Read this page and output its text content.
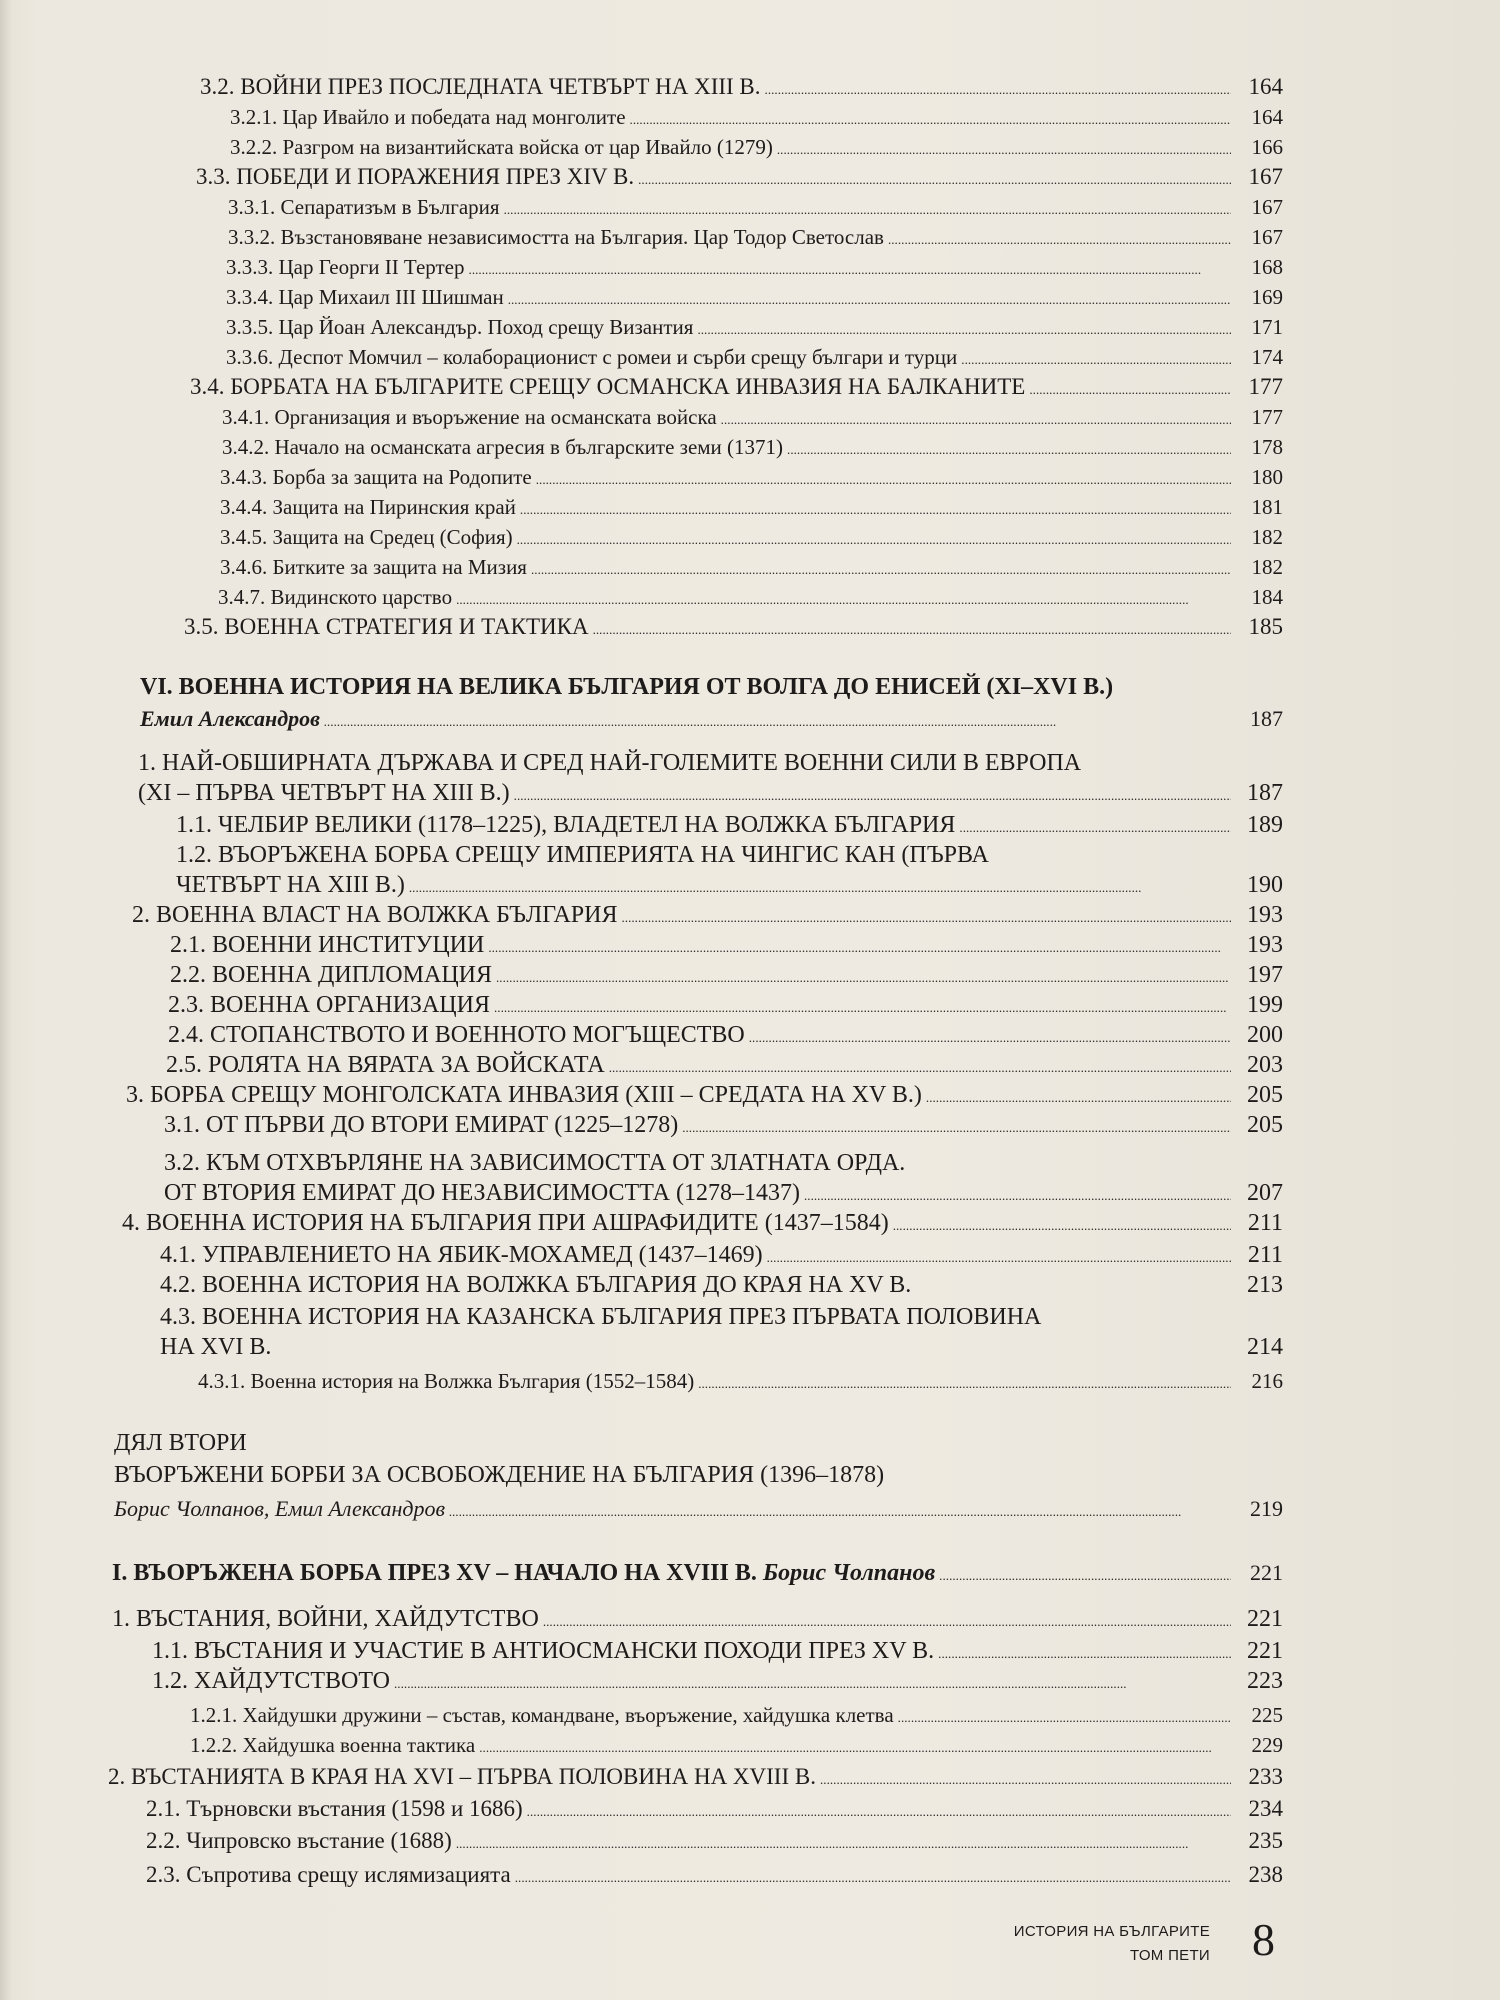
3.2. ВОЙНИ ПРЕЗ ПОСЛЕДНАТА ЧЕТВЪРТ НА XIII В. . . .	164
3.2.1. Цар Ивайло и победата над монголите . . .	164
3.2.2. Разгром на византийската войска от цар Ивайло (1279) . . .	166
3.3. ПОБЕДИ И ПОРАЖЕНИЯ ПРЕЗ XIV В. . . .	167
3.3.1. Сепаратизъм в България . . .	167
3.3.2. Възстановяване независимостта на България. Цар Тодор Светослав . . .	167
3.3.3. Цар Георги II Тертер . . .	168
3.3.4. Цар Михаил III Шишман . . .	169
3.3.5. Цар Йоан Александър. Поход срещу Византия . . .	171
3.3.6. Деспот Момчил – колаборационист с ромеи и сърби срещу българи и турци . . .	174
3.4. БОРБАТА НА БЪЛГАРИТЕ СРЕЩУ ОСМАНСКА ИНВАЗИЯ НА БАЛКАНИТЕ . . .	177
3.4.1. Организация и въоръжение на османската войска . . .	177
3.4.2. Начало на османската агресия в българските земи (1371) . . .	178
3.4.3. Борба за защита на Родопите . . .	180
3.4.4. Защита на Пиринския край . . .	181
3.4.5. Защита на Средец (София) . . .	182
3.4.6. Битките за защита на Мизия . . .	182
3.4.7. Видинското царство . . .	184
3.5. ВОЕННА СТРАТЕГИЯ И ТАКТИКА . . .	185
VI. ВОЕННА ИСТОРИЯ НА ВЕЛИКА БЪЛГАРИЯ ОТ ВОЛГА ДО ЕНИСЕЙ (XI–XVI В.)
Емил Александров . . .	187
1. НАЙ-ОБШИРНАТА ДЪРЖАВА И СРЕД НАЙ-ГОЛЕМИТЕ ВОЕННИ СИЛИ В ЕВРОПА
(XI – ПЪРВА ЧЕТВЪРТ НА XIII В.) . . .	187
1.1. ЧЕЛБИР ВЕЛИКИ (1178–1225), ВЛАДЕТЕЛ НА ВОЛЖКА БЪЛГАРИЯ . . .	189
1.2. ВЪОРЪЖЕНА БОРБА СРЕЩУ ИМПЕРИЯТА НА ЧИНГИС КАН (ПЪРВА
ЧЕТВЪРТ НА XIII В.) . . .	190
2. ВОЕННА ВЛАСТ НА ВОЛЖКА БЪЛГАРИЯ . . .	193
2.1. ВОЕННИ ИНСТИТУЦИИ . . .	193
2.2. ВОЕННА ДИПЛОМАЦИЯ . . .	197
2.3. ВОЕННА ОРГАНИЗАЦИЯ . . .	199
2.4. СТОПАНСТВОТО И ВОЕННОТО МОГЪЩЕСТВО . . .	200
2.5. РОЛЯТА НА ВЯРАТА ЗА ВОЙСКАТА . . .	203
3. БОРБА СРЕЩУ МОНГОЛСКАТА ИНВАЗИЯ (XIII – СРЕДАТА НА XV В.) . . .	205
3.1. ОТ ПЪРВИ ДО ВТОРИ ЕМИРАТ (1225–1278) . . .	205
3.2. КЪМ ОТХВЪРЛЯНЕ НА ЗАВИСИМОСТТА ОТ ЗЛАТНАТА ОРДА.
ОТ ВТОРИЯ ЕМИРАТ ДО НЕЗАВИСИМОСТТА (1278–1437) . . .	207
4. ВОЕННА ИСТОРИЯ НА БЪЛГАРИЯ ПРИ АШРАФИДИТЕ (1437–1584) . . .	211
4.1. УПРАВЛЕНИЕТО НА ЯБИК-МОХАМЕД (1437–1469) . . .	211
4.2. ВОЕННА ИСТОРИЯ НА ВОЛЖКА БЪЛГАРИЯ ДО КРАЯ НА XV В.	213
4.3. ВОЕННА ИСТОРИЯ НА КАЗАНСКА БЪЛГАРИЯ ПРЕЗ ПЪРВАТА ПОЛОВИНА
НА XVI В.	214
4.3.1. Военна история на Волжка България (1552–1584) . . .	216
ДЯЛ ВТОРИ
ВЪОРЪЖЕНИ БОРБИ ЗА ОСВОБОЖДЕНИЕ НА БЪЛГАРИЯ (1396–1878)
Борис Чолпанов, Емил Александров . . .	219
I. ВЪОРЪЖЕНА БОРБА ПРЕЗ XV – НАЧАЛО НА XVIII В. Борис Чолпанов . . .	221
1. ВЪСТАНИЯ, ВОЙНИ, ХАЙДУТСТВО . . .	221
1.1. ВЪСТАНИЯ И УЧАСТИЕ В АНТИОСМАНСКИ ПОХОДИ ПРЕЗ XV В. . . .	221
1.2. ХАЙДУТСТВОТО . . .	223
1.2.1. Хайдушки дружини – състав, командване, въоръжение, хайдушка клетва . . .	225
1.2.2. Хайдушка военна тактика . . .	229
2. ВЪСТАНИЯТА В КРАЯ НА XVI – ПЪРВА ПОЛОВИНА НА XVIII В. . . .	233
2.1. Търновски въстания (1598 и 1686) . . .	234
2.2. Чипровско въстание (1688) . . .	235
2.3. Съпротива срещу ислямизацията . . .	238
ИСТОРИЯ НА БЪЛГАРИТЕ
ТОМ ПЕТИ 8
